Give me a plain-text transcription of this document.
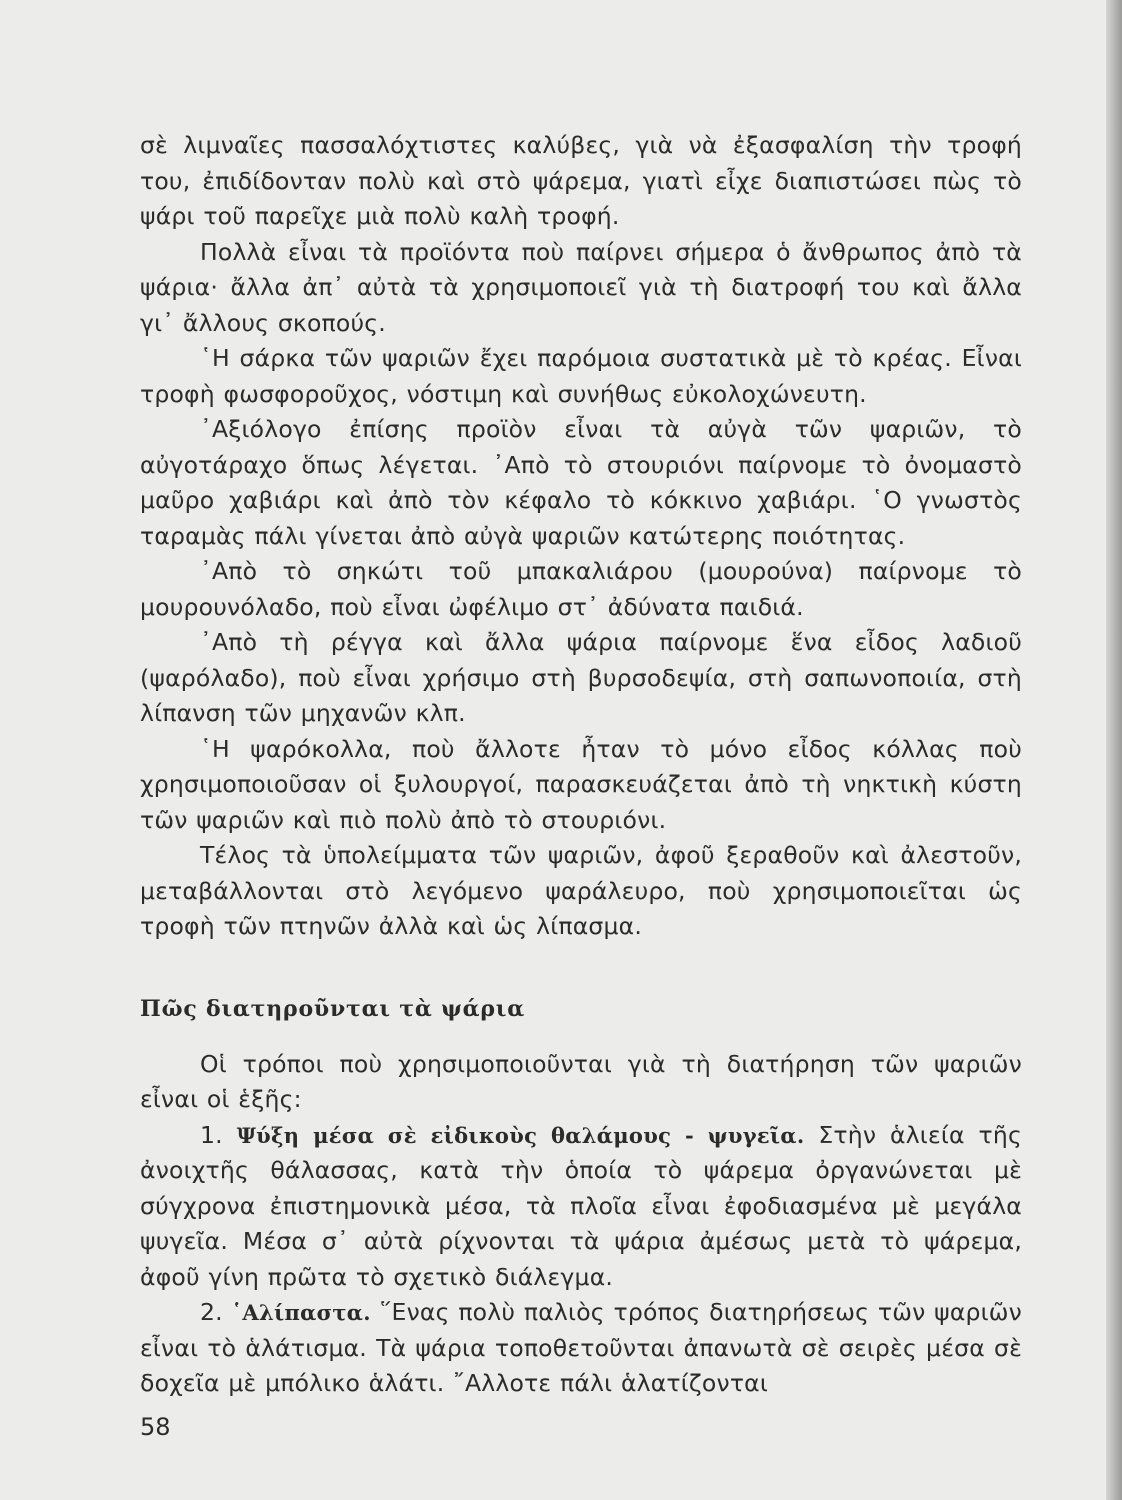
σὲ λιμναῖες πασσαλόχτιστες καλύβες, γιὰ νὰ ἐξασφαλίση τὴν τροφή του, ἐπιδίδονταν πολὺ καὶ στὸ ψάρεμα, γιατὶ εἶχε διαπιστώσει πὼς τὸ ψάρι τοῦ παρεῖχε μιὰ πολὺ καλὴ τροφή.

Πολλὰ εἶναι τὰ προϊόντα ποὺ παίρνει σήμερα ὁ ἄνθρωπος ἀπὸ τὰ ψάρια· ἄλλα ἀπ᾿ αὐτὰ τὰ χρησιμοποιεῖ γιὰ τὴ διατροφή του καὶ ἄλλα γι᾿ ἄλλους σκοπούς.

῾Η σάρκα τῶν ψαριῶν ἔχει παρόμοια συστατικὰ μὲ τὸ κρέας. Εἶναι τροφὴ φωσφοροῦχος, νόστιμη καὶ συνήθως εὐκολοχώνευτη.

᾿Αξιόλογο ἐπίσης προϊὸν εἶναι τὰ αὐγὰ τῶν ψαριῶν, τὸ αὐγοτάραχο ὅπως λέγεται. ᾿Απὸ τὸ στουριόνι παίρνομε τὸ ὀνομαστὸ μαῦρο χαβιάρι καὶ ἀπὸ τὸν κέφαλο τὸ κόκκινο χαβιάρι. ῾Ο γνωστὸς ταραμὰς πάλι γίνεται ἀπὸ αὐγὰ ψαριῶν κατώτερης ποιότητας.

᾿Απὸ τὸ σηκώτι τοῦ μπακαλιάρου (μουρούνα) παίρνομε τὸ μουρουνόλαδο, ποὺ εἶναι ὠφέλιμο στ᾿ ἀδύνατα παιδιά.

᾿Απὸ τὴ ρέγγα καὶ ἄλλα ψάρια παίρνομε ἕνα εἶδος λαδιοῦ (ψαρόλαδο), ποὺ εἶναι χρήσιμο στὴ βυρσοδεψία, στὴ σαπωνοποιία, στὴ λίπανση τῶν μηχανῶν κλπ.

῾Η ψαρόκολλα, ποὺ ἄλλοτε ἦταν τὸ μόνο εἶδος κόλλας ποὺ χρησιμοποιοῦσαν οἱ ξυλουργοί, παρασκευάζεται ἀπὸ τὴ νηκτικὴ κύστη τῶν ψαριῶν καὶ πιὸ πολὺ ἀπὸ τὸ στουριόνι.

Τέλος τὰ ὑπολείμματα τῶν ψαριῶν, ἀφοῦ ξεραθοῦν καὶ ἀλεστοῦν, μεταβάλλονται στὸ λεγόμενο ψαράλευρο, ποὺ χρησιμοποιεῖται ὡς τροφὴ τῶν πτηνῶν ἀλλὰ καὶ ὡς λίπασμα.

Πῶς διατηροῦνται τὰ ψάρια

Οἱ τρόποι ποὺ χρησιμοποιοῦνται γιὰ τὴ διατήρηση τῶν ψαριῶν εἶναι οἱ ἑξῆς:

1. Ψύξη μέσα σὲ εἰδικοὺς θαλάμους - ψυγεῖα. Στὴν ἁλιεία τῆς ἀνοιχτῆς θάλασσας, κατὰ τὴν ὁποία τὸ ψάρεμα ὀργανώνεται μὲ σύγχρονα ἐπιστημονικὰ μέσα, τὰ πλοῖα εἶναι ἐφοδιασμένα μὲ μεγάλα ψυγεῖα. Μέσα σ᾿ αὐτὰ ρίχνονται τὰ ψάρια ἀμέσως μετὰ τὸ ψάρεμα, ἀφοῦ γίνη πρῶτα τὸ σχετικὸ διάλεγμα.

2. ῾Αλίπαστα. ῞Ενας πολὺ παλιὸς τρόπος διατηρήσεως τῶν ψαριῶν εἶναι τὸ ἁλάτισμα. Τὰ ψάρια τοποθετοῦνται ἀπανωτὰ σὲ σειρὲς μέσα σὲ δοχεῖα μὲ μπόλικο ἁλάτι. ῎Αλλοτε πάλι ἁλατίζονται

58
